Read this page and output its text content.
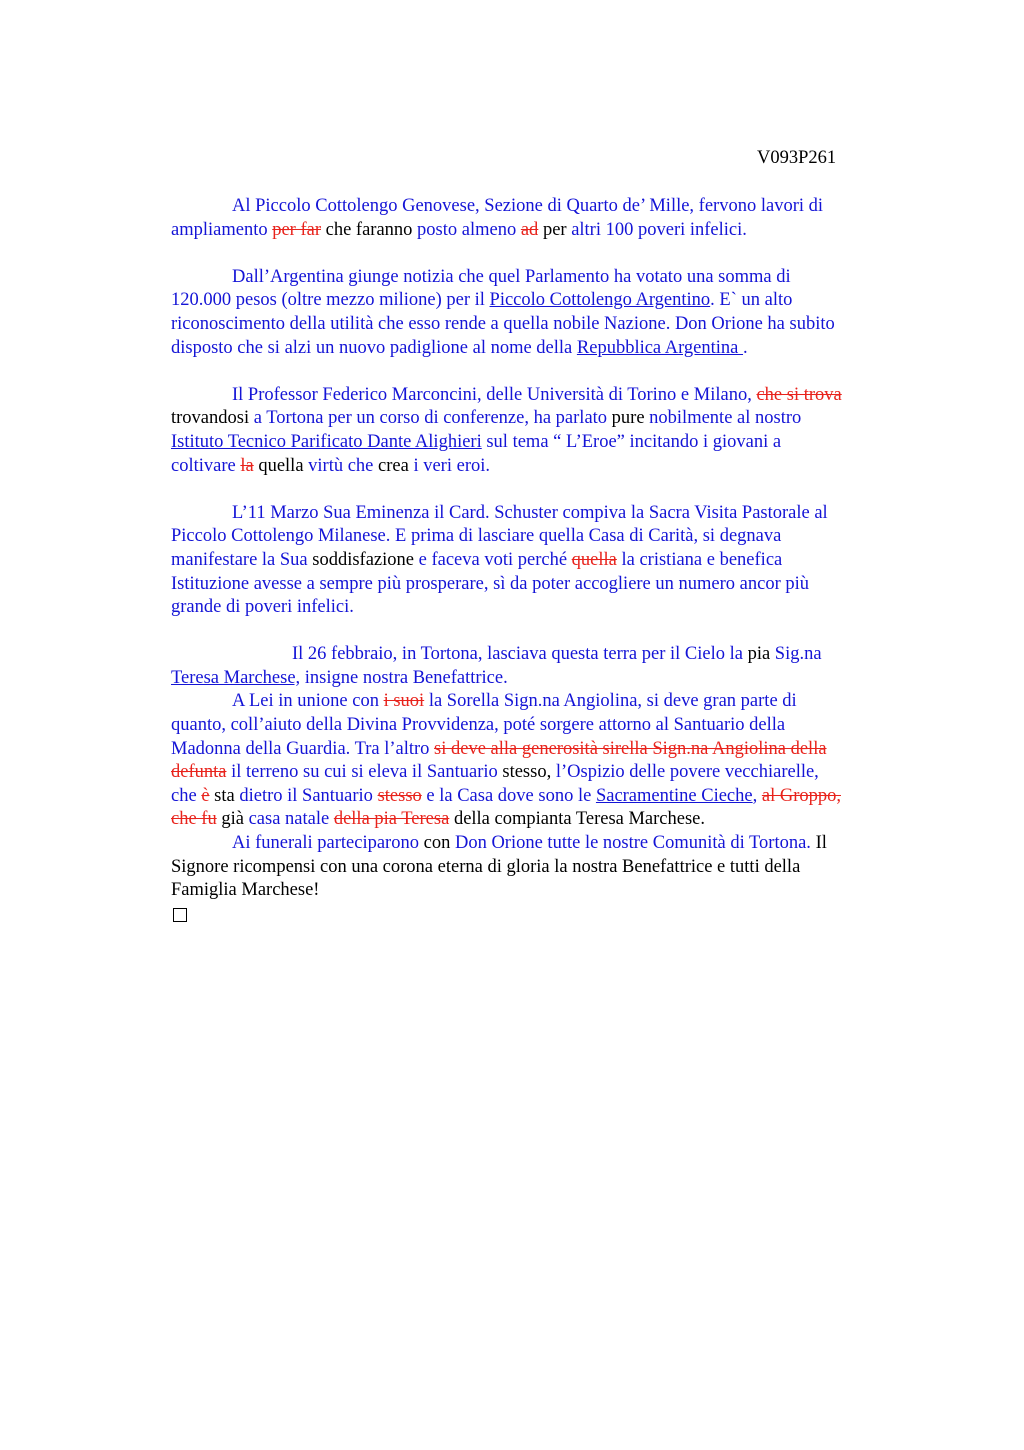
V093P261

Al Piccolo Cottolengo Genovese, Sezione di Quarto de’ Mille, fervono lavori di

ampliamento per far che faranno posto almeno ad per altri 100 poveri infelici.

Dall’Argentina giunge notizia che quel Parlamento ha votato una somma di

120.000 pesos (oltre mezzo milione) per il Piccolo Cottolengo Argentino. E` un alto

riconoscimento della utilità che esso rende a quella nobile Nazione. Don Orione ha subito

disposto che si alzi un nuovo padiglione al nome della Repubblica Argentina .

Il Professor Federico Marconcini, delle Università di Torino e Milano, che si trova

trovandosi a Tortona per un corso di conferenze, ha parlato pure nobilmente al nostro

Istituto Tecnico Parificato Dante Alighieri sul tema “ L’Eroe” incitando i giovani a

coltivare la quella virtù che crea i veri eroi.

L’11 Marzo Sua Eminenza il Card. Schuster compiva la Sacra Visita Pastorale al

Piccolo Cottolengo Milanese. E prima di lasciare quella Casa di Carità, si degnava

manifestare la Sua soddisfazione e faceva voti perché quella la cristiana e benefica

Istituzione avesse a sempre più prosperare, sì da poter accogliere un numero ancor più

grande di poveri infelici.

Il 26 febbraio, in Tortona, lasciava questa terra per il Cielo la pia Sig.na

Teresa Marchese, insigne nostra Benefattrice.

A Lei in unione con i suoi la Sorella Sign.na Angiolina, si deve gran parte di

quanto, coll’aiuto della Divina Provvidenza, poté sorgere attorno al Santuario della

Madonna della Guardia. Tra l’altro si deve alla generosità sirella Sign.na Angiolina della

defunta il terreno su cui si eleva il Santuario stesso, l’Ospizio delle povere vecchiarelle,

che è sta dietro il Santuario stesso e la Casa dove sono le Sacramentine Cieche, al Groppo,

che fu già casa natale della pia Teresa della compianta Teresa Marchese.

Ai funerali parteciparono con Don Orione tutte le nostre Comunità di Tortona. Il

Signore ricompensi con una corona eterna di gloria la nostra Benefattrice e tutti della

Famiglia Marchese!
